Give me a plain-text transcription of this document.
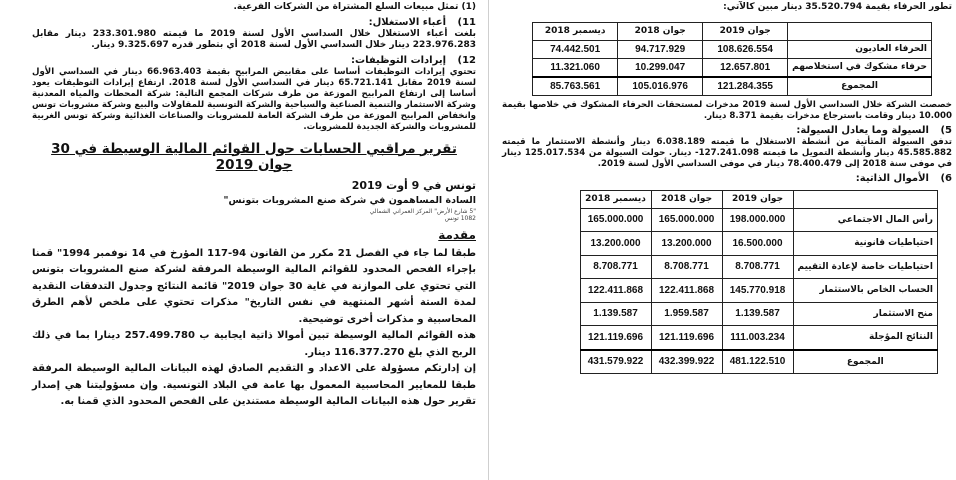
(1) تمثل مبيعات السلع المشتراة من الشركات الفرعية.

11) أعباء الاستغلال:

بلغت أعباء الاستغلال خلال السداسي الأول لسنة 2019 ما قيمته 233.301.980 دينار مقابل 223.976.283 دينار خلال السداسي الأول لسنة 2018 أي بتطور قدره 9.325.697 دينار.

12) إيرادات التوظيفات:

تحتوي إيرادات التوظيفات أساسا على مقابيض المرابيح بقيمة 66.963.403 دينار في السداسي الأول لسنة 2019 مقابل 65.721.141 دينار في السداسي الأول لسنة 2018. ارتفاع إيرادات التوظيفات يعود أساسا إلى ارتفاع المرابيح الموزعة من طرف شركات المجمع التالية: شركة المحطات والمياه المعدنية وشركة الاستثمار والتنمية الصناعية والسياحية والشركة التونسية للمقاولات والبيع وشركة مشروبات تونس وانخفاض المرابيح الموزعة من طرف الشركة العامة للمشروبات والصناعات الغذائية وشركة تونس الغربية للمشروبات والشركة الجديدة للمشروبات.

تقرير مراقبي الحسابات حول القوائم المالية الوسيطة في 30 جوان 2019
تونس في 9 أوت 2019
السادة المساهمون في شركة صنع المشروبات بتونس"
"5 شارع الأرض" المركز العمراني الشمالي
1082 تونس
مقدمة

طبقا لما جاء في الفصل 21 مكرر من القانون 94-117 المؤرخ في 14 نوفمبر 1994" قمنا بإجراء الفحص المحدود للقوائم المالية الوسيطة المرفقة لشركة صنع المشروبات بتونس التي تحتوي على الموازنة في غاية 30 جوان 2019" قائمة النتائج وجدول التدفقات النقدية لمدة الستة أشهر المنتهية في نفس التاريخ" مذكرات تحتوي على ملخص لأهم الطرق المحاسبية و مذكرات أخرى توضيحية.

هذه القوائم المالية الوسيطة تبين أموالا ذاتية ايجابية ب 257.499.780 دينارا بما في ذلك الربح الذي بلغ 116.377.270 دينار.

إن إدارتكم مسؤولة على الاعداد و التقديم الصادق لهذه البيانات المالية الوسيطة المرفقة طبقا للمعايير المحاسبية المعمول بها عامة في البلاد التونسية. وإن مسؤوليتنا هي إصدار تقرير حول هذه البيانات المالية الوسيطة مستندين على الفحص المحدود الذي قمنا به.

تطور الحرفاء بقيمة 35.520.794 دينار مبين كالآتي:

	جوان 2019	جوان 2018	ديسمبر 2018
الحرفاء العاديون	108.626.554	94.717.929	74.442.501
حرفاء مشكوك في استخلاصهم	12.657.801	10.299.047	11.321.060
المجموع	121.284.355	105.016.976	85.763.561

خصصت الشركة خلال السداسي الأول لسنة 2019 مدخرات لمستحقات الحرفاء المشكوك في خلاصها بقيمة 10.000 دينار وقامت باسترجاع مدخرات بقيمة 8.371 دينار.

5) السيولة وما يعادل السيولة:

تدفق السيولة المتأتية من أنشطة الاستغلال ما قيمته 6.038.189 دينار وأنشطة الاستثمار ما قيمته 45.585.882 دينار وأنشطة التمويل ما قيمته 127.241.098- دينار. حولت السيولة من 125.017.534 دينار في موفى سنة 2018 إلى 78.400.479 دينار في موفى السداسي الأول لسنة 2019.

6) الأموال الذاتية:
	جوان 2019	جوان 2018	ديسمبر 2018
رأس المال الاجتماعي	198.000.000	165.000.000	165.000.000
احتياطيات قانونية	16.500.000	13.200.000	13.200.000
احتياطيات خاصة لإعادة التقييم	8.708.771	8.708.771	8.708.771
الحساب الخاص بالاستثمار	145.770.918	122.411.868	122.411.868
منح الاستثمار	1.139.587	1.959.587	1.139.587
النتائج المؤجلة	111.003.234	121.119.696	121.119.696
المجموع	481.122.510	432.399.922	431.579.922
